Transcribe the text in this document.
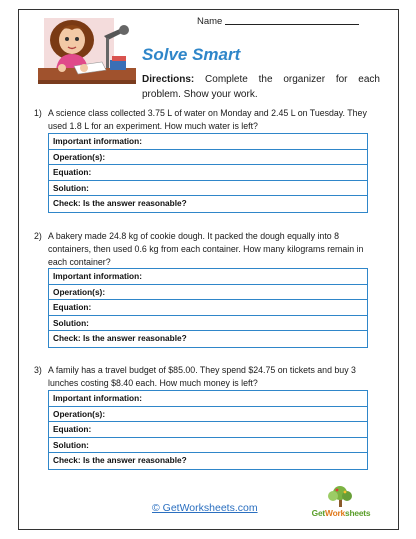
Name
Solve Smart
Directions: Complete the organizer for each problem. Show your work.
1) A science class collected 3.75 L of water on Monday and 2.45 L on Tuesday. They used 1.8 L for an experiment. How much water is left?
Important information:
Operation(s):
Equation:
Solution:
Check: Is the answer reasonable?
2) A bakery made 24.8 kg of cookie dough. It packed the dough equally into 8 containers, then used 0.6 kg from each container. How many kilograms remain in each container?
Important information:
Operation(s):
Equation:
Solution:
Check: Is the answer reasonable?
3) A family has a travel budget of $85.00. They spend $24.75 on tickets and buy 3 lunches costing $8.40 each. How much money is left?
Important information:
Operation(s):
Equation:
Solution:
Check: Is the answer reasonable?
© GetWorksheets.com	GetWorksheets
